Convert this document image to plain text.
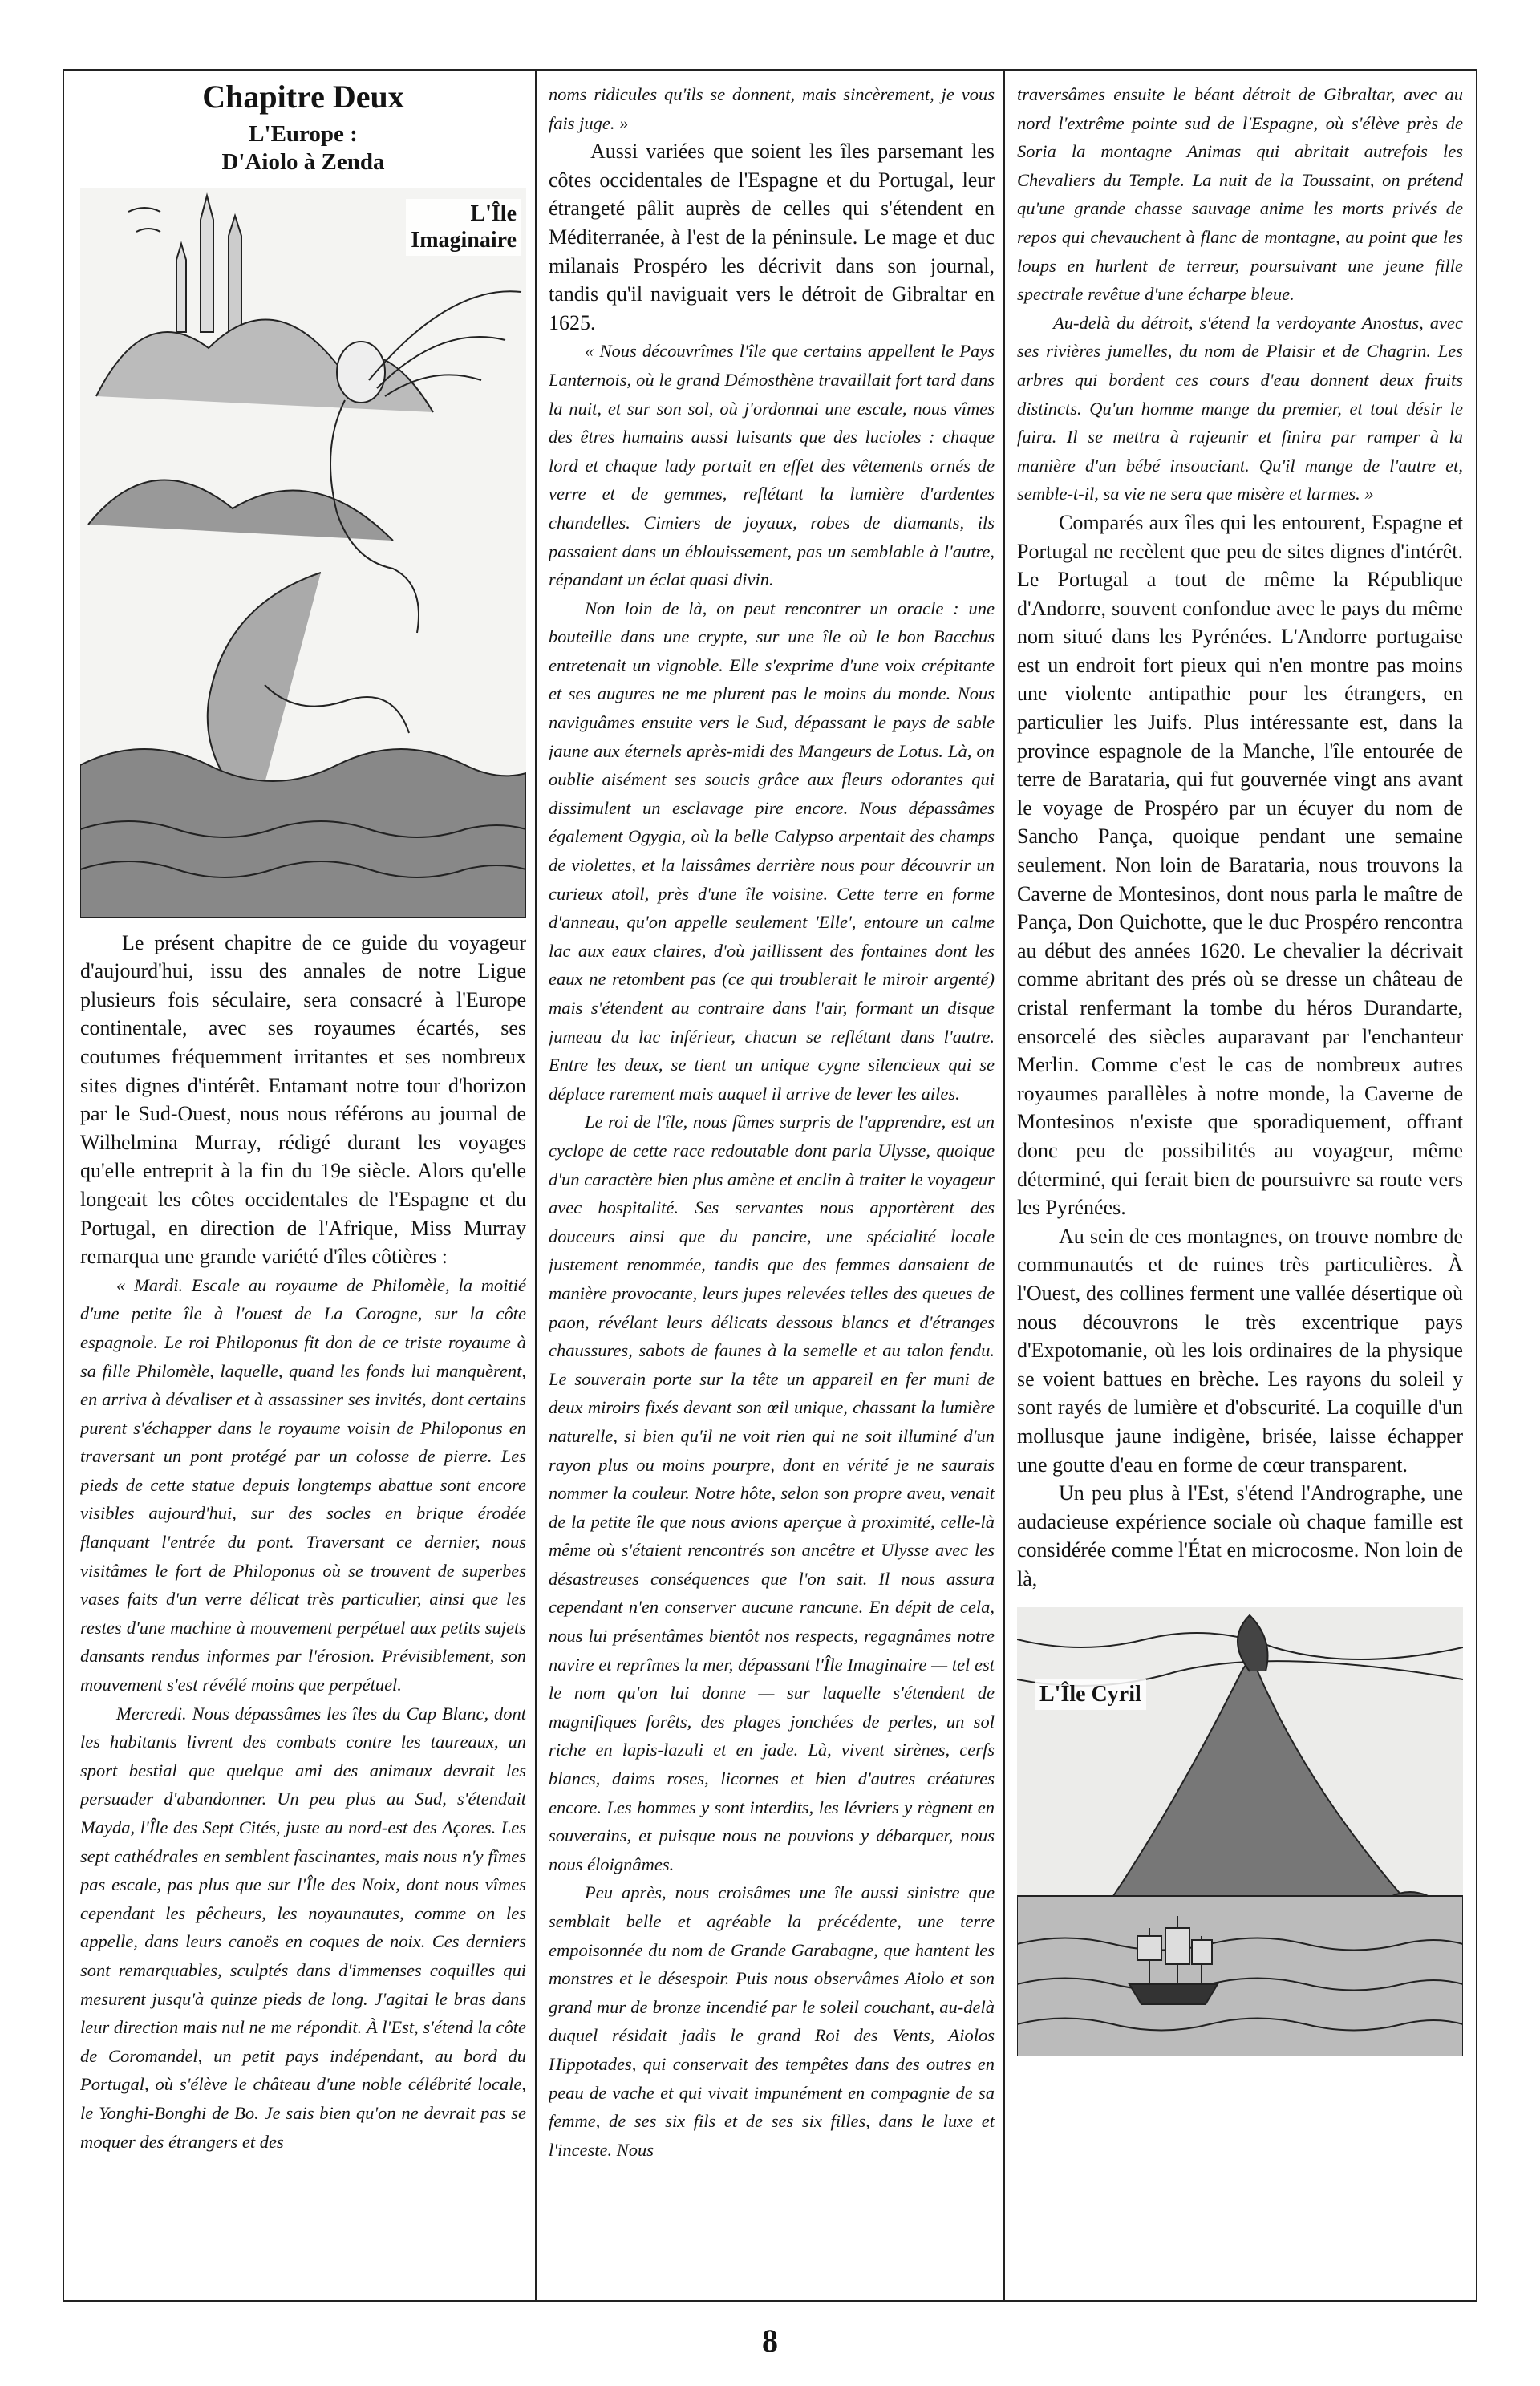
Chapitre Deux
L'Europe :
D'Aiolo à Zenda
L'Île
Imaginaire

Le présent chapitre de ce guide du voyageur d'aujourd'hui, issu des annales de notre Ligue plusieurs fois séculaire, sera consacré à l'Europe continentale, avec ses royaumes écartés, ses coutumes fréquemment irritantes et ses nombreux sites dignes d'intérêt. Entamant notre tour d'horizon par le Sud-Ouest, nous nous référons au journal de Wilhelmina Murray, rédigé durant les voyages qu'elle entreprit à la fin du 19e siècle. Alors qu'elle longeait les côtes occidentales de l'Espagne et du Portugal, en direction de l'Afrique, Miss Murray remarqua une grande variété d'îles côtières :

« Mardi. Escale au royaume de Philomèle, la moitié d'une petite île à l'ouest de La Corogne, sur la côte espagnole. Le roi Philoponus fit don de ce triste royaume à sa fille Philomèle, laquelle, quand les fonds lui manquèrent, en arriva à dévaliser et à assassiner ses invités, dont certains purent s'échapper dans le royaume voisin de Philoponus en traversant un pont protégé par un colosse de pierre. Les pieds de cette statue depuis longtemps abattue sont encore visibles aujourd'hui, sur des socles en brique érodée flanquant l'entrée du pont. Traversant ce dernier, nous visitâmes le fort de Philoponus où se trouvent de superbes vases faits d'un verre délicat très particulier, ainsi que les restes d'une machine à mouvement perpétuel aux petits sujets dansants rendus informes par l'érosion. Prévisiblement, son mouvement s'est révélé moins que perpétuel.

Mercredi. Nous dépassâmes les îles du Cap Blanc, dont les habitants livrent des combats contre les taureaux, un sport bestial que quelque ami des animaux devrait les persuader d'abandonner. Un peu plus au Sud, s'étendait Mayda, l'Île des Sept Cités, juste au nord-est des Açores. Les sept cathédrales en semblent fascinantes, mais nous n'y fîmes pas escale, pas plus que sur l'Île des Noix, dont nous vîmes cependant les pêcheurs, les noyaunautes, comme on les appelle, dans leurs canoës en coques de noix. Ces derniers sont remarquables, sculptés dans d'immenses coquilles qui mesurent jusqu'à quinze pieds de long. J'agitai le bras dans leur direction mais nul ne me répondit. À l'Est, s'étend la côte de Coromandel, un petit pays indépendant, au bord du Portugal, où s'élève le château d'une noble célébrité locale, le Yonghi-Bonghi de Bo. Je sais bien qu'on ne devrait pas se moquer des étrangers et des

noms ridicules qu'ils se donnent, mais sincèrement, je vous fais juge. »

Aussi variées que soient les îles parsemant les côtes occidentales de l'Espagne et du Portugal, leur étrangeté pâlit auprès de celles qui s'étendent en Méditerranée, à l'est de la péninsule. Le mage et duc milanais Prospéro les décrivit dans son journal, tandis qu'il naviguait vers le détroit de Gibraltar en 1625.

« Nous découvrîmes l'île que certains appellent le Pays Lanternois, où le grand Démosthène travaillait fort tard dans la nuit, et sur son sol, où j'ordonnai une escale, nous vîmes des êtres humains aussi luisants que des lucioles : chaque lord et chaque lady portait en effet des vêtements ornés de verre et de gemmes, reflétant la lumière d'ardentes chandelles. Cimiers de joyaux, robes de diamants, ils passaient dans un éblouissement, pas un semblable à l'autre, répandant un éclat quasi divin.

Non loin de là, on peut rencontrer un oracle : une bouteille dans une crypte, sur une île où le bon Bacchus entretenait un vignoble. Elle s'exprime d'une voix crépitante et ses augures ne me plurent pas le moins du monde. Nous naviguâmes ensuite vers le Sud, dépassant le pays de sable jaune aux éternels après-midi des Mangeurs de Lotus. Là, on oublie aisément ses soucis grâce aux fleurs odorantes qui dissimulent un esclavage pire encore. Nous dépassâmes également Ogygia, où la belle Calypso arpentait des champs de violettes, et la laissâmes derrière nous pour découvrir un curieux atoll, près d'une île voisine. Cette terre en forme d'anneau, qu'on appelle seulement 'Elle', entoure un calme lac aux eaux claires, d'où jaillissent des fontaines dont les eaux ne retombent pas (ce qui troublerait le miroir argenté) mais s'étendent au contraire dans l'air, formant un disque jumeau du lac inférieur, chacun se reflétant dans l'autre. Entre les deux, se tient un unique cygne silencieux qui se déplace rarement mais auquel il arrive de lever les ailes.

Le roi de l'île, nous fûmes surpris de l'apprendre, est un cyclope de cette race redoutable dont parla Ulysse, quoique d'un caractère bien plus amène et enclin à traiter le voyageur avec hospitalité. Ses servantes nous apportèrent des douceurs ainsi que du pancire, une spécialité locale justement renommée, tandis que des femmes dansaient de manière provocante, leurs jupes relevées telles des queues de paon, révélant leurs délicats dessous blancs et d'étranges chaussures, sabots de faunes à la semelle et au talon fendu. Le souverain porte sur la tête un appareil en fer muni de deux miroirs fixés devant son œil unique, chassant la lumière naturelle, si bien qu'il ne voit rien qui ne soit illuminé d'un rayon plus ou moins pourpre, dont en vérité je ne saurais nommer la couleur. Notre hôte, selon son propre aveu, venait de la petite île que nous avions aperçue à proximité, celle-là même où s'étaient rencontrés son ancêtre et Ulysse avec les désastreuses conséquences que l'on sait. Il nous assura cependant n'en conserver aucune rancune. En dépit de cela, nous lui présentâmes bientôt nos respects, regagnâmes notre navire et reprîmes la mer, dépassant l'Île Imaginaire — tel est le nom qu'on lui donne — sur laquelle s'étendent de magnifiques forêts, des plages jonchées de perles, un sol riche en lapis-lazuli et en jade. Là, vivent sirènes, cerfs blancs, daims roses, licornes et bien d'autres créatures encore. Les hommes y sont interdits, les lévriers y règnent en souverains, et puisque nous ne pouvions y débarquer, nous nous éloignâmes.

Peu après, nous croisâmes une île aussi sinistre que semblait belle et agréable la précédente, une terre empoisonnée du nom de Grande Garabagne, que hantent les monstres et le désespoir. Puis nous observâmes Aiolo et son grand mur de bronze incendié par le soleil couchant, au-delà duquel résidait jadis le grand Roi des Vents, Aiolos Hippotades, qui conservait des tempêtes dans des outres en peau de vache et qui vivait impunément en compagnie de sa femme, de ses six fils et de ses six filles, dans le luxe et l'inceste. Nous

traversâmes ensuite le béant détroit de Gibraltar, avec au nord l'extrême pointe sud de l'Espagne, où s'élève près de Soria la montagne Animas qui abritait autrefois les Chevaliers du Temple. La nuit de la Toussaint, on prétend qu'une grande chasse sauvage anime les morts privés de repos qui chevauchent à flanc de montagne, au point que les loups en hurlent de terreur, poursuivant une jeune fille spectrale revêtue d'une écharpe bleue.

Au-delà du détroit, s'étend la verdoyante Anostus, avec ses rivières jumelles, du nom de Plaisir et de Chagrin. Les arbres qui bordent ces cours d'eau donnent deux fruits distincts. Qu'un homme mange du premier, et tout désir le fuira. Il se mettra à rajeunir et finira par ramper à la manière d'un bébé insouciant. Qu'il mange de l'autre et, semble-t-il, sa vie ne sera que misère et larmes. »

Comparés aux îles qui les entourent, Espagne et Portugal ne recèlent que peu de sites dignes d'intérêt. Le Portugal a tout de même la République d'Andorre, souvent confondue avec le pays du même nom situé dans les Pyrénées. L'Andorre portugaise est un endroit fort pieux qui n'en montre pas moins une violente antipathie pour les étrangers, en particulier les Juifs. Plus intéressante est, dans la province espagnole de la Manche, l'île entourée de terre de Barataria, qui fut gouvernée vingt ans avant le voyage de Prospéro par un écuyer du nom de Sancho Pança, quoique pendant une semaine seulement. Non loin de Barataria, nous trouvons la Caverne de Montesinos, dont nous parla le maître de Pança, Don Quichotte, que le duc Prospéro rencontra au début des années 1620. Le chevalier la décrivait comme abritant des prés où se dresse un château de cristal renfermant la tombe du héros Durandarte, ensorcelé des siècles auparavant par l'enchanteur Merlin. Comme c'est le cas de nombreux autres royaumes parallèles à notre monde, la Caverne de Montesinos n'existe que sporadiquement, offrant donc peu de possibilités au voyageur, même déterminé, qui ferait bien de poursuivre sa route vers les Pyrénées.

Au sein de ces montagnes, on trouve nombre de communautés et de ruines très particulières. À l'Ouest, des collines ferment une vallée désertique où nous découvrons le très excentrique pays d'Expotomanie, où les lois ordinaires de la physique se voient battues en brèche. Les rayons du soleil y sont rayés de lumière et d'obscurité. La coquille d'un mollusque jaune indigène, brisée, laisse échapper une goutte d'eau en forme de cœur transparent.

Un peu plus à l'Est, s'étend l'Andrographe, une audacieuse expérience sociale où chaque famille est considérée comme l'État en microcosme. Non loin de là,

L'Île Cyril
8
